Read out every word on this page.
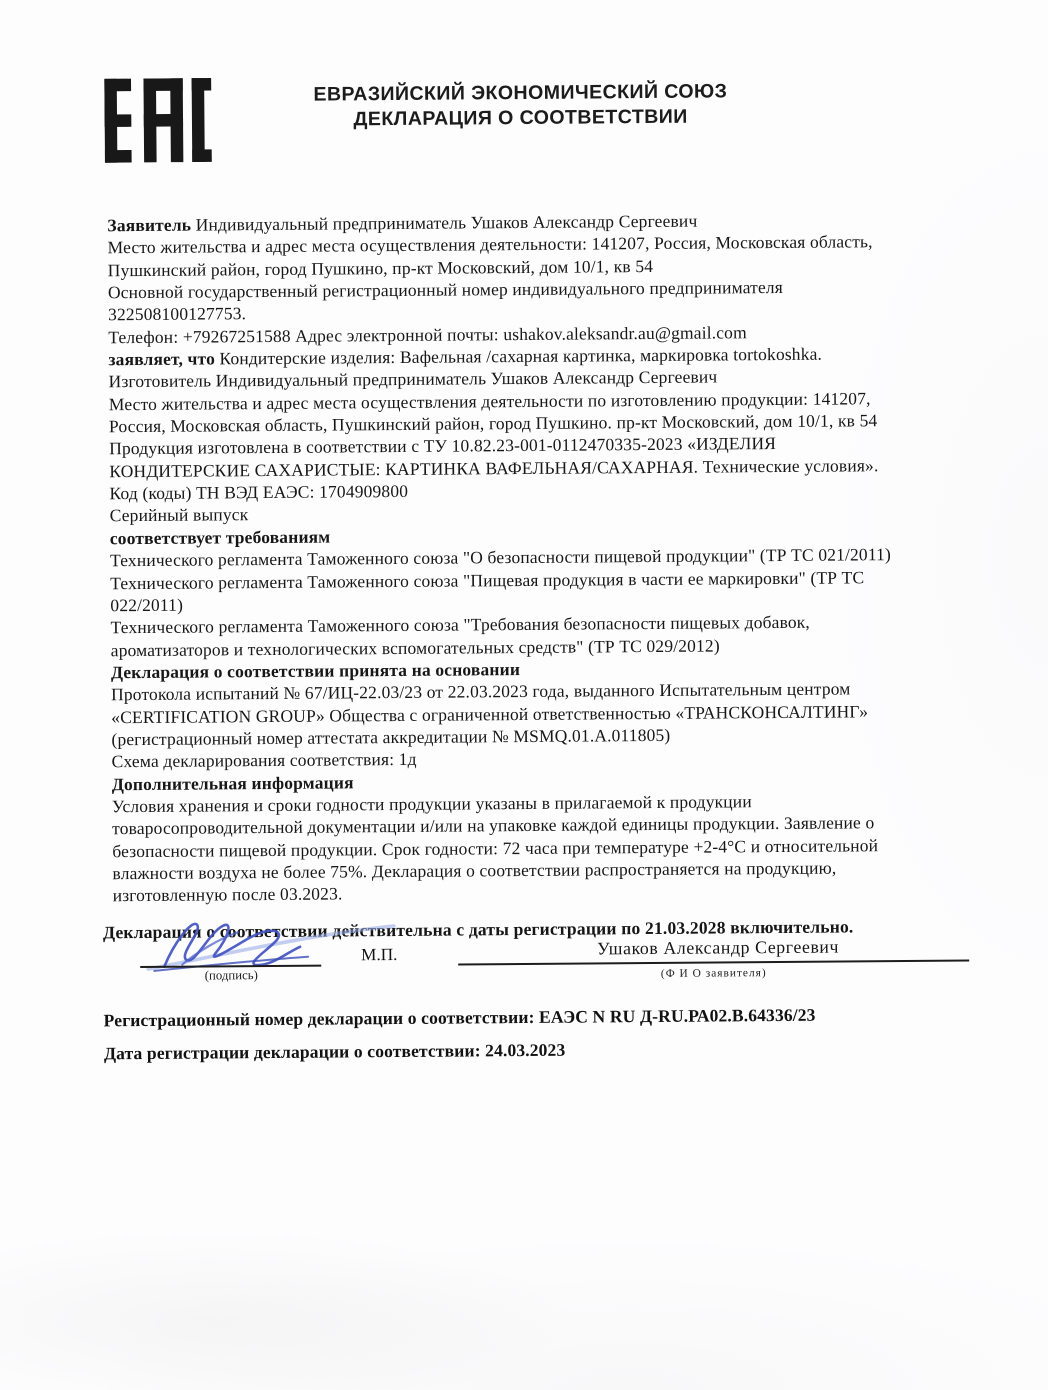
ЕВРАЗИЙСКИЙ ЭКОНОМИЧЕСКИЙ СОЮЗ
ДЕКЛАРАЦИЯ О СООТВЕТСТВИИ
Заявитель Индивидуальный предприниматель Ушаков Александр Сергеевич
Место жительства и адрес места осуществления деятельности: 141207, Россия, Московская область,
Пушкинский район, город Пушкино, пр-кт Московский, дом 10/1, кв 54
Основной государственный регистрационный номер индивидуального предпринимателя
322508100127753.
Телефон: +79267251588 Адрес электронной почты: ushakov.aleksandr.au@gmail.com
заявляет, что Кондитерские изделия: Вафельная /сахарная картинка, маркировка tortokoshka.
Изготовитель Индивидуальный предприниматель Ушаков Александр Сергеевич
Место жительства и адрес места осуществления деятельности по изготовлению продукции: 141207,
Россия, Московская область, Пушкинский район, город Пушкино. пр-кт Московский, дом 10/1, кв 54
Продукция изготовлена в соответствии с ТУ 10.82.23-001-0112470335-2023 «ИЗДЕЛИЯ
КОНДИТЕРСКИЕ САХАРИСТЫЕ: КАРТИНКА ВАФЕЛЬНАЯ/САХАРНАЯ. Технические условия».
Код (коды) ТН ВЭД ЕАЭС: 1704909800
Серийный выпуск
соответствует требованиям
Технического регламента Таможенного союза "О безопасности пищевой продукции" (ТР ТС 021/2011)
Технического регламента Таможенного союза "Пищевая продукция в части ее маркировки" (ТР ТС
022/2011)
Технического регламента Таможенного союза "Требования безопасности пищевых добавок,
ароматизаторов и технологических вспомогательных средств" (ТР ТС 029/2012)
Декларация о соответствии принята на основании
Протокола испытаний № 67/ИЦ-22.03/23 от 22.03.2023 года, выданного Испытательным центром
«CERTIFICATION GROUP» Общества с ограниченной ответственностью «ТРАНСКОНСАЛТИНГ»
(регистрационный номер аттестата аккредитации № MSMQ.01.A.011805)
Схема декларирования соответствия: 1д
Дополнительная информация
Условия хранения и сроки годности продукции указаны в прилагаемой к продукции
товаросопроводительной документации и/или на упаковке каждой единицы продукции. Заявление о
безопасности пищевой продукции. Срок годности: 72 часа при температуре +2-4°С и относительной
влажности воздуха не более 75%. Декларация о соответствии распространяется на продукцию,
изготовленную после 03.2023.
Декларация о соответствии действительна с даты регистрации по 21.03.2028 включительно.
(подпись)
М.П.	Ушаков Александр Сергеевич
(Ф И О заявителя)
Регистрационный номер декларации о соответствии: ЕАЭС N RU Д-RU.РА02.В.64336/23
Дата регистрации декларации о соответствии: 24.03.2023
